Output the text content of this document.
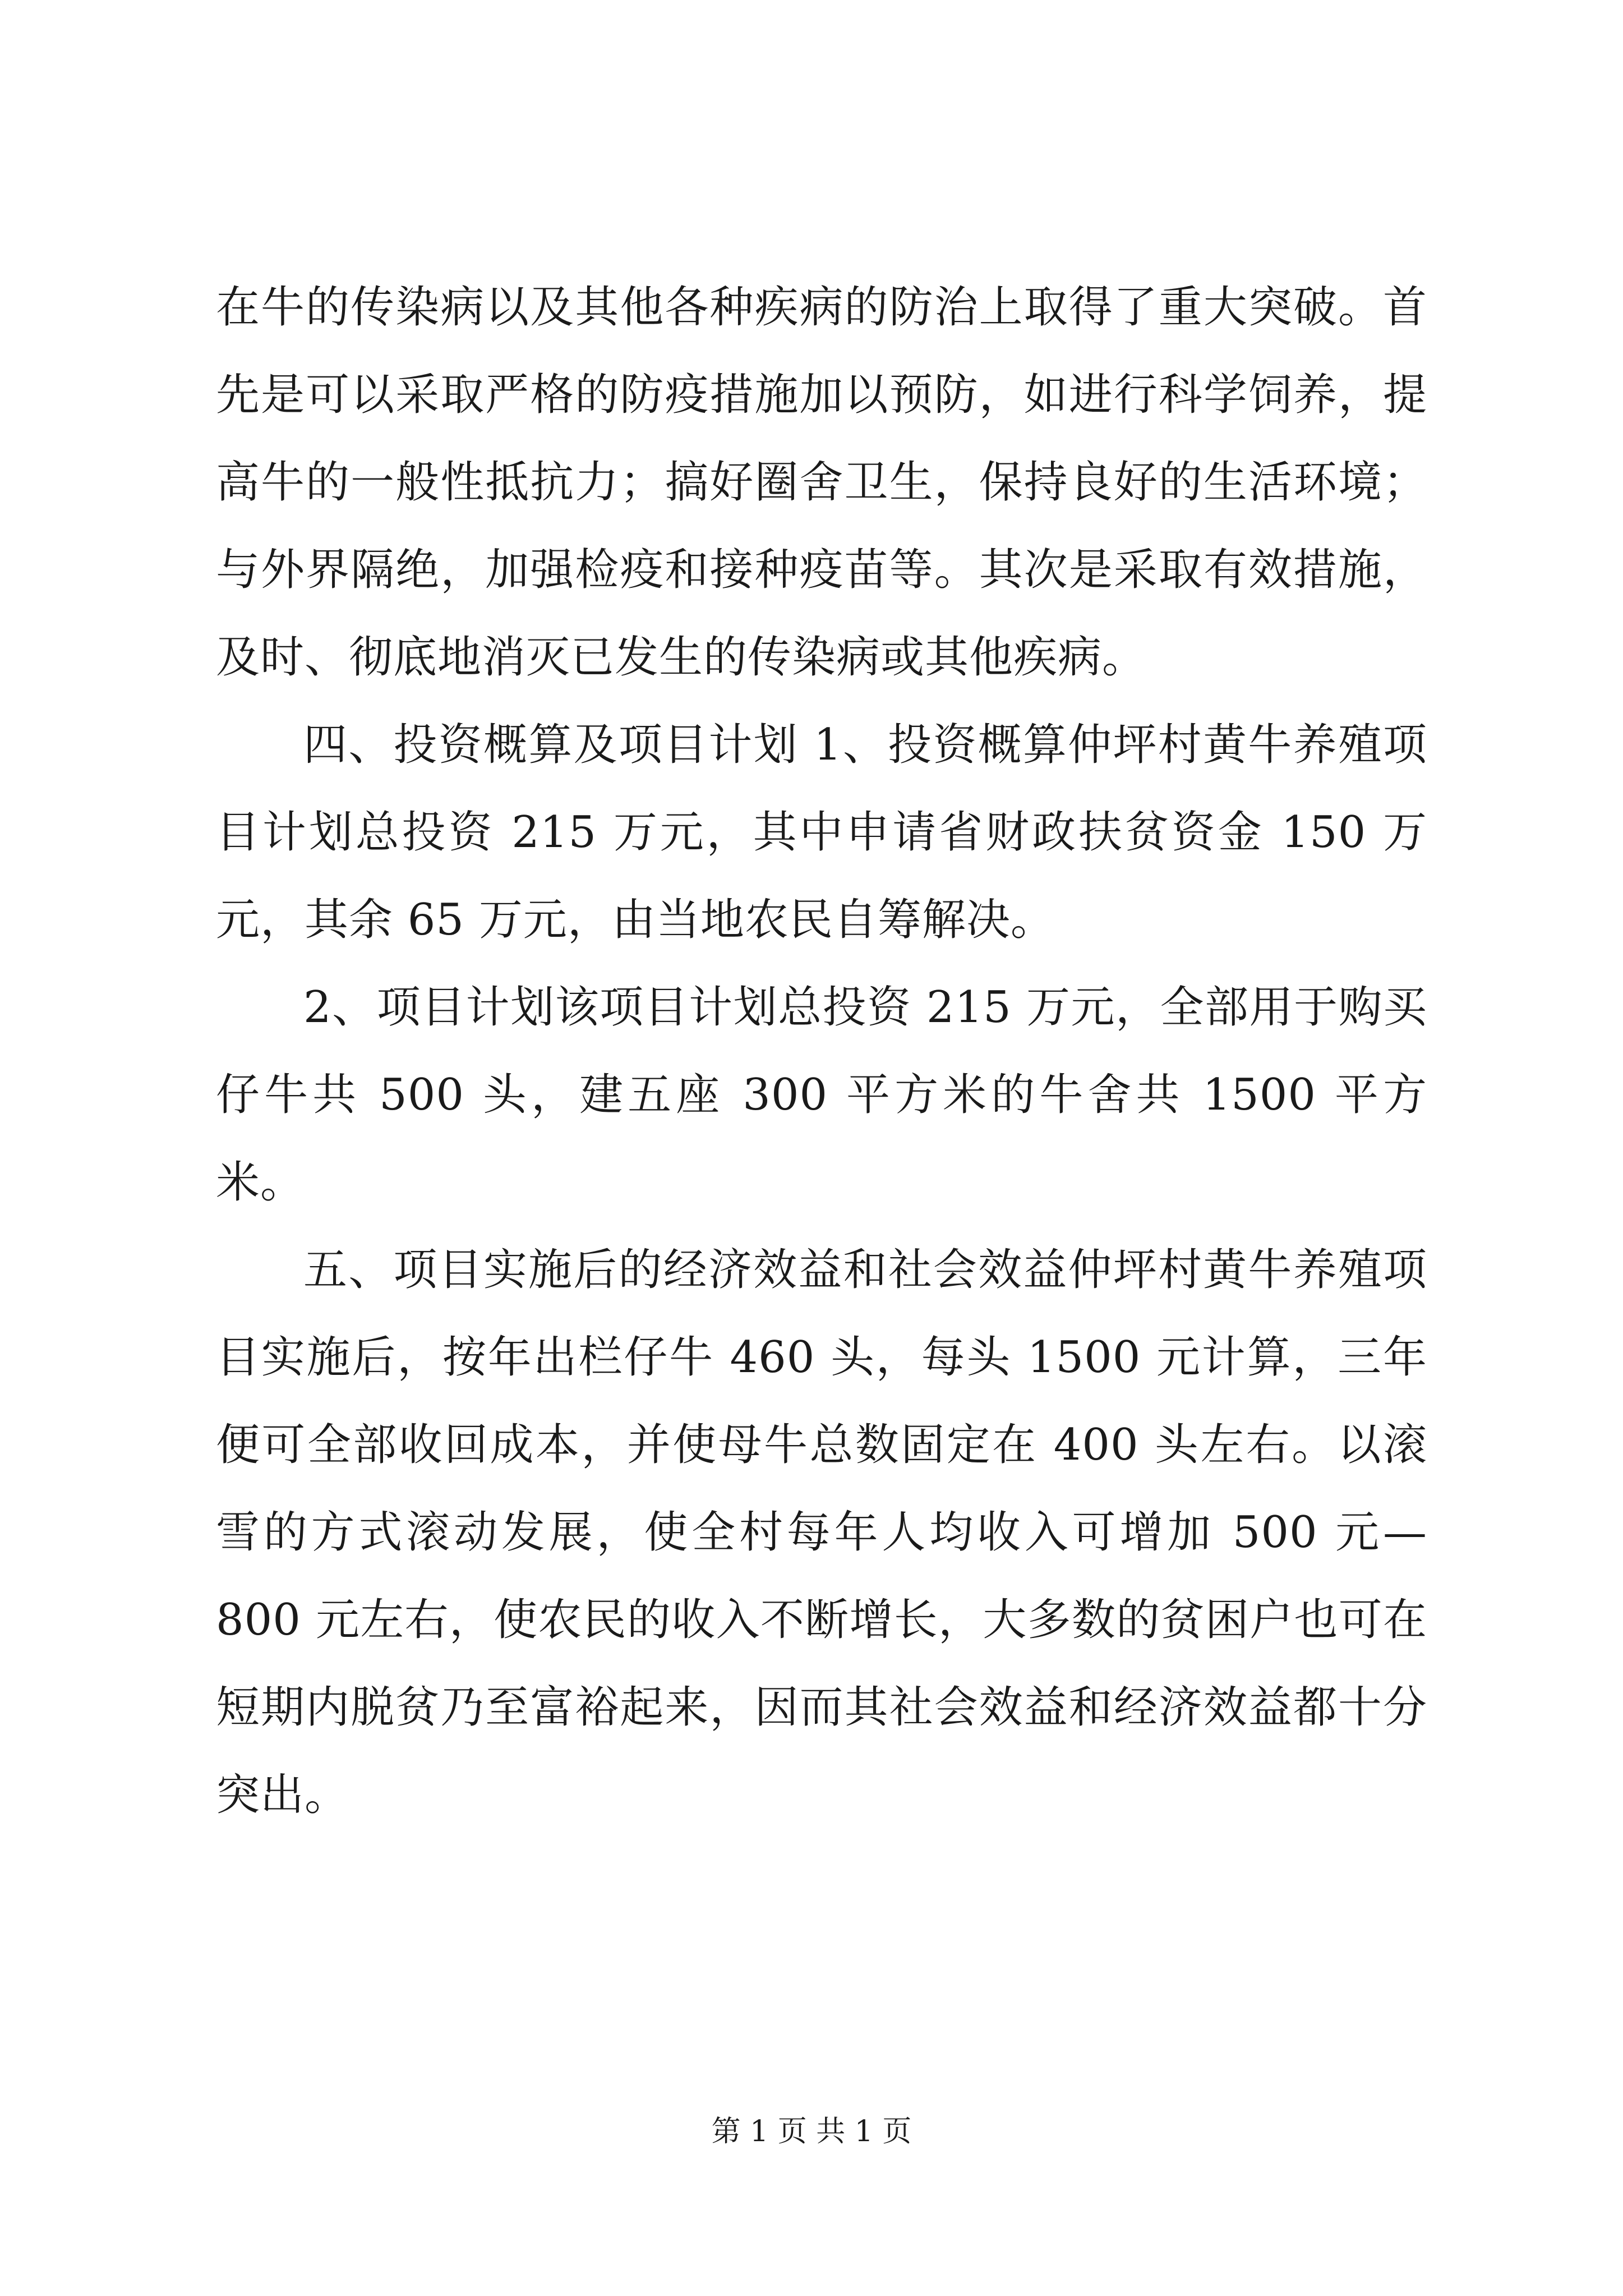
在牛的传染病以及其他各种疾病的防治上取得了重大突破。首先是可以采取严格的防疫措施加以预防，如进行科学饲养，提高牛的一般性抵抗力；搞好圈舍卫生，保持良好的生活环境；与外界隔绝，加强检疫和接种疫苗等。其次是采取有效措施，及时、彻底地消灭已发生的传染病或其他疾病。

四、投资概算及项目计划 1、投资概算仲坪村黄牛养殖项目计划总投资 215 万元，其中申请省财政扶贫资金 150 万元，其余 65 万元，由当地农民自筹解决。

2、项目计划该项目计划总投资 215 万元，全部用于购买仔牛共 500 头，建五座 300 平方米的牛舍共 1500 平方米。

五、项目实施后的经济效益和社会效益仲坪村黄牛养殖项目实施后，按年出栏仔牛 460 头，每头 1500 元计算，三年便可全部收回成本，并使母牛总数固定在 400 头左右。以滚雪的方式滚动发展，使全村每年人均收入可增加 500 元—800 元左右，使农民的收入不断增长，大多数的贫困户也可在短期内脱贫乃至富裕起来，因而其社会效益和经济效益都十分突出。

第 1 页 共 1 页
